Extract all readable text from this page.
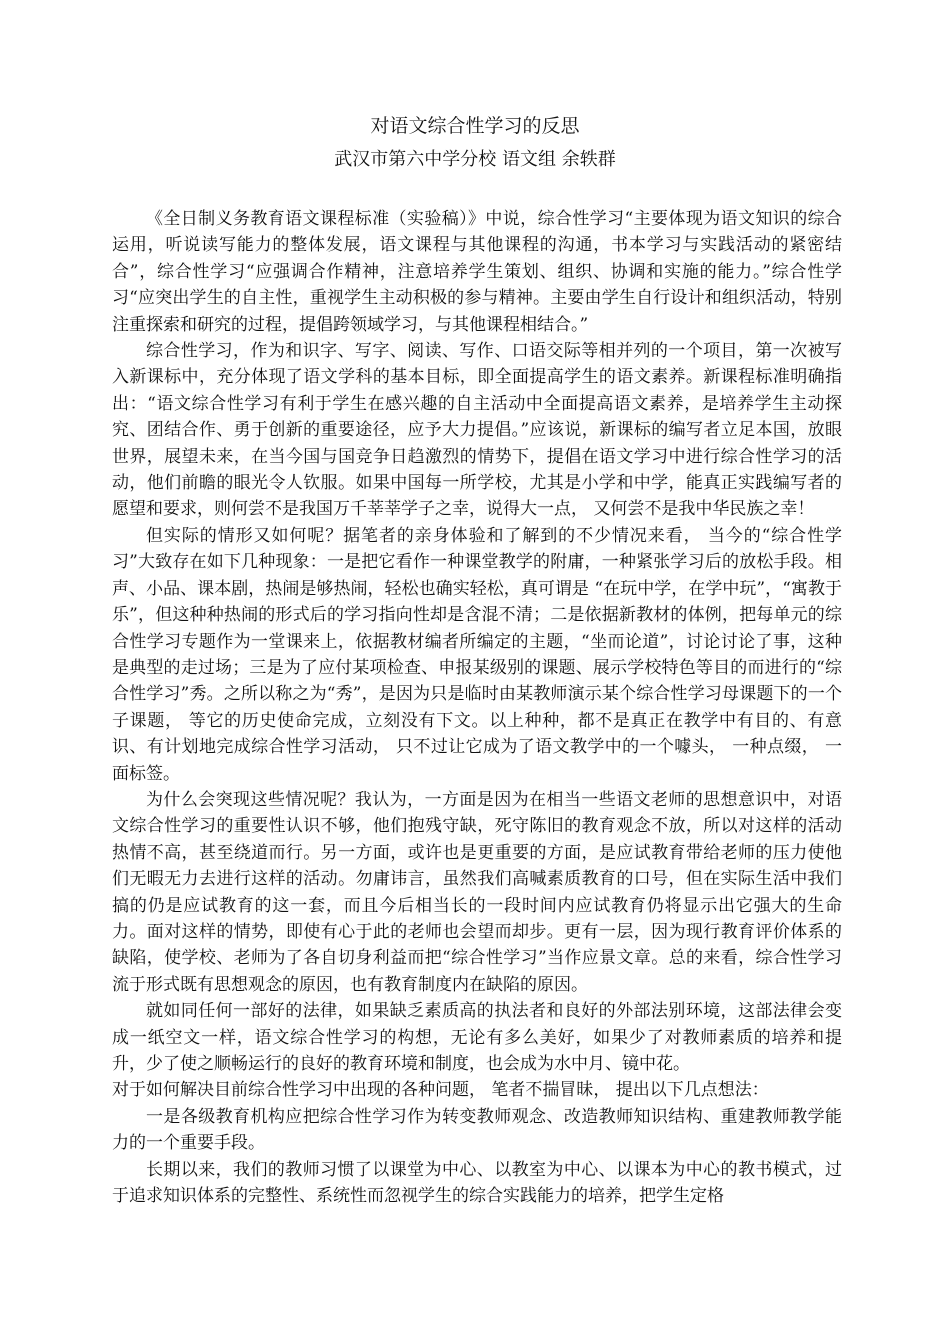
对语文综合性学习的反思
武汉市第六中学分校 语文组 余轶群

《全日制义务教育语文课程标准（实验稿）》中说，综合性学习“主要体现为语文知识的综合运用，听说读写能力的整体发展，语文课程与其他课程的沟通，书本学习与实践活动的紧密结合”，综合性学习“应强调合作精神，注意培养学生策划、组织、协调和实施的能力。”综合性学习“应突出学生的自主性，重视学生主动积极的参与精神。主要由学生自行设计和组织活动，特别注重探索和研究的过程，提倡跨领域学习，与其他课程相结合。”

综合性学习，作为和识字、写字、阅读、写作、口语交际等相并列的一个项目，第一次被写入新课标中，充分体现了语文学科的基本目标，即全面提高学生的语文素养。新课程标准明确指出：“语文综合性学习有利于学生在感兴趣的自主活动中全面提高语文素养，是培养学生主动探究、团结合作、勇于创新的重要途径，应予大力提倡。”应该说，新课标的编写者立足本国，放眼世界，展望未来，在当今国与国竞争日趋激烈的情势下，提倡在语文学习中进行综合性学习的活动，他们前瞻的眼光令人钦服。如果中国每一所学校，尤其是小学和中学，能真正实践编写者的愿望和要求，则何尝不是我国万千莘莘学子之幸，说得大一点， 又何尝不是我中华民族之幸！

但实际的情形又如何呢？据笔者的亲身体验和了解到的不少情况来看， 当今的“综合性学习”大致存在如下几种现象：一是把它看作一种课堂教学的附庸，一种紧张学习后的放松手段。相声、小品、课本剧，热闹是够热闹，轻松也确实轻松，真可谓是 “在玩中学，在学中玩”，“寓教于乐”，但这种种热闹的形式后的学习指向性却是含混不清；二是依据新教材的体例，把每单元的综合性学习专题作为一堂课来上，依据教材编者所编定的主题，“坐而论道”，讨论讨论了事，这种是典型的走过场；三是为了应付某项检查、申报某级别的课题、展示学校特色等目的而进行的“综合性学习”秀。之所以称之为“秀”，是因为只是临时由某教师演示某个综合性学习母课题下的一个子课题， 等它的历史使命完成，立刻没有下文。以上种种，都不是真正在教学中有目的、有意识、有计划地完成综合性学习活动， 只不过让它成为了语文教学中的一个噱头， 一种点缀， 一面标签。

为什么会突现这些情况呢？我认为，一方面是因为在相当一些语文老师的思想意识中，对语文综合性学习的重要性认识不够，他们抱残守缺，死守陈旧的教育观念不放，所以对这样的活动热情不高，甚至绕道而行。另一方面，或许也是更重要的方面，是应试教育带给老师的压力使他们无暇无力去进行这样的活动。勿庸讳言，虽然我们高喊素质教育的口号，但在实际生活中我们搞的仍是应试教育的这一套，而且今后相当长的一段时间内应试教育仍将显示出它强大的生命力。面对这样的情势，即使有心于此的老师也会望而却步。更有一层，因为现行教育评价体系的缺陷，使学校、老师为了各自切身利益而把“综合性学习”当作应景文章。总的来看，综合性学习流于形式既有思想观念的原因，也有教育制度内在缺陷的原因。

就如同任何一部好的法律，如果缺乏素质高的执法者和良好的外部法别环境，这部法律会变成一纸空文一样，语文综合性学习的构想，无论有多么美好，如果少了对教师素质的培养和提升，少了使之顺畅运行的良好的教育环境和制度，也会成为水中月、镜中花。

对于如何解决目前综合性学习中出现的各种问题， 笔者不揣冒昧， 提出以下几点想法：

一是各级教育机构应把综合性学习作为转变教师观念、改造教师知识结构、重建教师教学能力的一个重要手段。

长期以来，我们的教师习惯了以课堂为中心、以教室为中心、以课本为中心的教书模式，过于追求知识体系的完整性、系统性而忽视学生的综合实践能力的培养，把学生定格
